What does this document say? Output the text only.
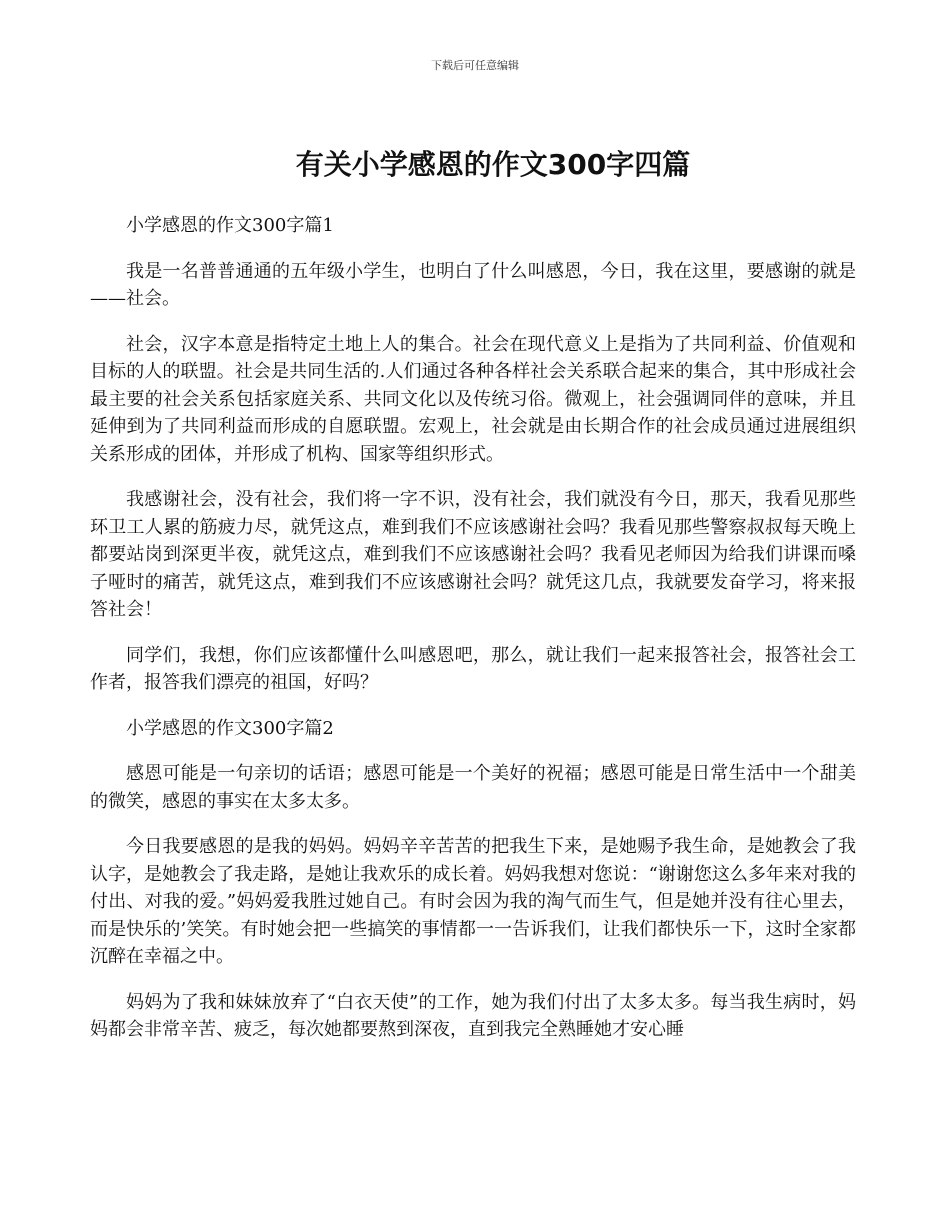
下载后可任意编辑
有关小学感恩的作文300字四篇

小学感恩的作文300字篇1

我是一名普普通通的五年级小学生，也明白了什么叫感恩，今日，我在这里，要感谢的就是——社会。

社会，汉字本意是指特定土地上人的集合。社会在现代意义上是指为了共同利益、价值观和目标的人的联盟。社会是共同生活的.人们通过各种各样社会关系联合起来的集合，其中形成社会最主要的社会关系包括家庭关系、共同文化以及传统习俗。微观上，社会强调同伴的意味，并且延伸到为了共同利益而形成的自愿联盟。宏观上，社会就是由长期合作的社会成员通过进展组织关系形成的团体，并形成了机构、国家等组织形式。

我感谢社会，没有社会，我们将一字不识，没有社会，我们就没有今日，那天，我看见那些环卫工人累的筋疲力尽，就凭这点，难到我们不应该感谢社会吗？我看见那些警察叔叔每天晚上都要站岗到深更半夜，就凭这点，难到我们不应该感谢社会吗？我看见老师因为给我们讲课而嗓子哑时的痛苦，就凭这点，难到我们不应该感谢社会吗？就凭这几点，我就要发奋学习，将来报答社会！

同学们，我想，你们应该都懂什么叫感恩吧，那么，就让我们一起来报答社会，报答社会工作者，报答我们漂亮的祖国，好吗？

小学感恩的作文300字篇2

感恩可能是一句亲切的话语；感恩可能是一个美好的祝福；感恩可能是日常生活中一个甜美的微笑，感恩的事实在太多太多。

今日我要感恩的是我的妈妈。妈妈辛辛苦苦的把我生下来，是她赐予我生命，是她教会了我认字，是她教会了我走路，是她让我欢乐的成长着。妈妈我想对您说：“谢谢您这么多年来对我的付出、对我的爱。”妈妈爱我胜过她自己。有时会因为我的淘气而生气，但是她并没有往心里去，而是快乐的’笑笑。有时她会把一些搞笑的事情都一一告诉我们，让我们都快乐一下，这时全家都沉醉在幸福之中。

妈妈为了我和妹妹放弃了“白衣天使”的工作，她为我们付出了太多太多。每当我生病时，妈妈都会非常辛苦、疲乏，每次她都要熬到深夜，直到我完全熟睡她才安心睡
